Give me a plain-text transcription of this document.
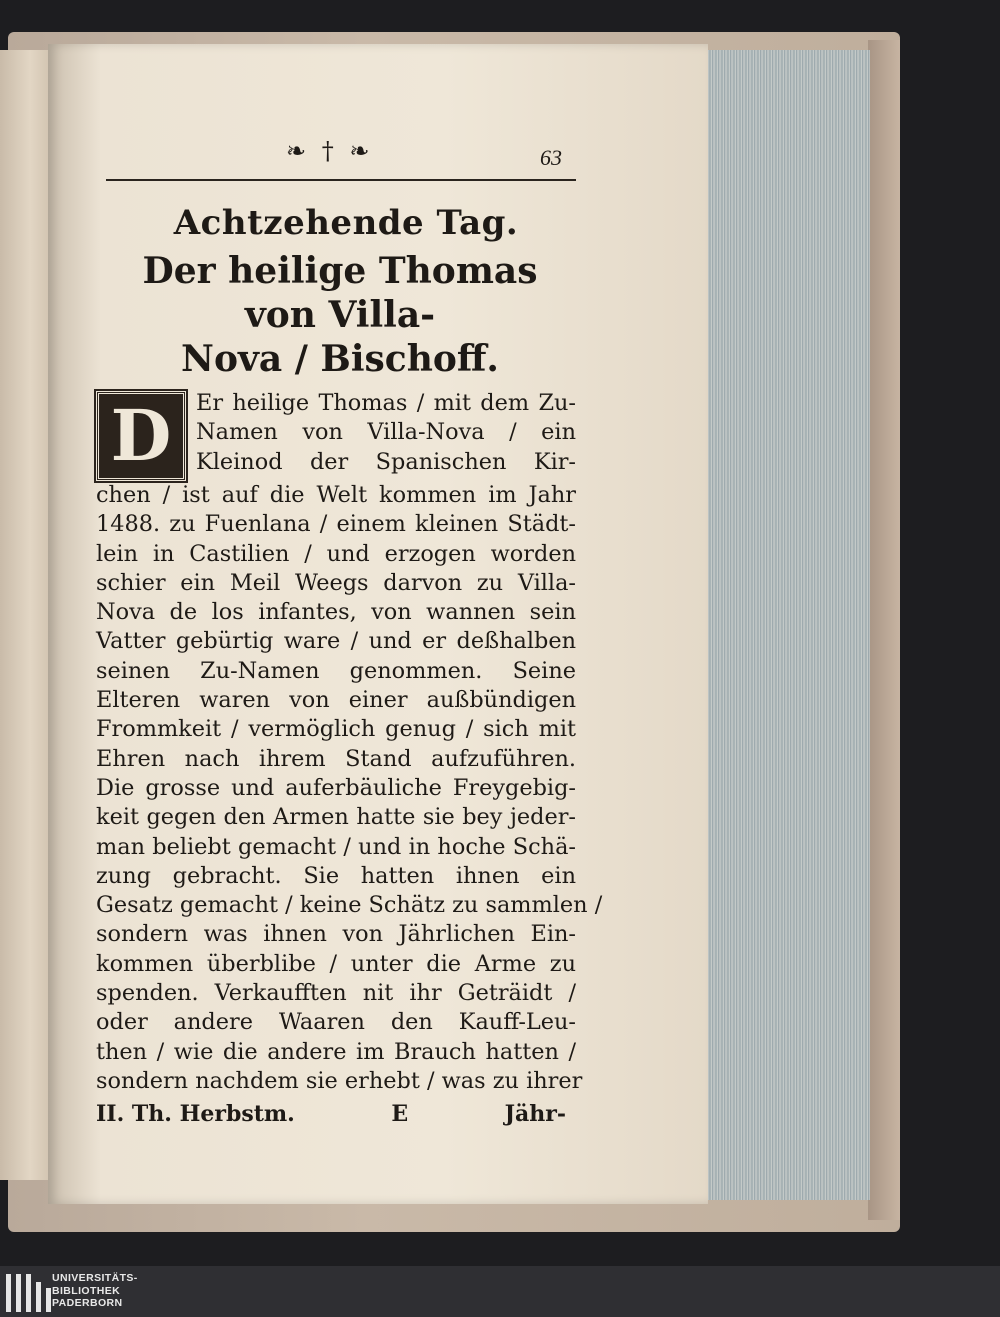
❧ † ❧	63
Achtzehende Tag.
Der heilige Thomas von Villa-
Nova / Bischoff.
D	Er heilige Thomas / mit dem Zu-
Namen von Villa-Nova / ein
Kleinod der Spanischen Kir-
chen / ist auf die Welt kommen im Jahr
1488. zu Fuenlana / einem kleinen Städt-
lein in Castilien / und erzogen worden
schier ein Meil Weegs darvon zu Villa-
Nova de los infantes, von wannen sein
Vatter gebürtig ware / und er deßhalben
seinen Zu-Namen genommen. Seine
Elteren waren von einer außbündigen
Frommkeit / vermöglich genug / sich mit
Ehren nach ihrem Stand aufzuführen.
Die grosse und auferbäuliche Freygebig-
keit gegen den Armen hatte sie bey jeder-
man beliebt gemacht / und in hoche Schä-
zung gebracht. Sie hatten ihnen ein
Gesatz gemacht / keine Schätz zu sammlen /
sondern was ihnen von Jährlichen Ein-
kommen überblibe / unter die Arme zu
spenden. Verkaufften nit ihr Geträidt /
oder andere Waaren den Kauff-Leu-
then / wie die andere im Brauch hatten /
sondern nachdem sie erhebt / was zu ihrer
II. Th. Herbstm.	E	Jähr-
UNIVERSITÄTS-
BIBLIOTHEK
PADERBORN
